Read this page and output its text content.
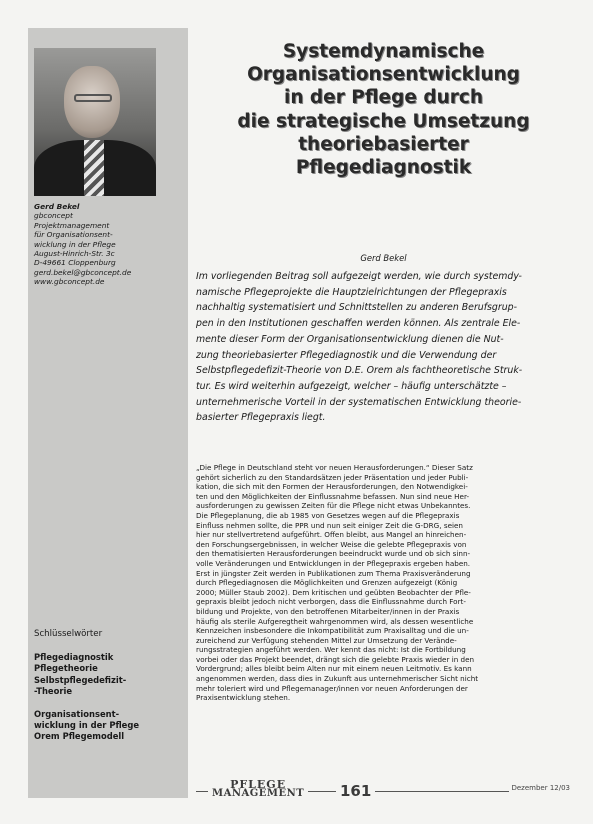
Gerd Bekel
gbconcept
Projektmanagement
für Organisationsent-
wicklung in der Pflege
August-Hinrich-Str. 3c
D-49661 Cloppenburg
gerd.bekel@gbconcept.de
www.gbconcept.de
Schlüsselwörter
Pflegediagnostik
Pflegetheorie
Selbstpflegedefizit-
-Theorie
Organisationsent-
wicklung in der Pflege
Orem Pflegemodell
Systemdynamische
Organisationsentwicklung
in der Pflege durch
die strategische Umsetzung
theoriebasierter
Pflegediagnostik
Gerd Bekel
Im vorliegenden Beitrag soll aufgezeigt werden, wie durch systemdy-
namische Pflegeprojekte die Hauptzielrichtungen der Pflegepraxis
nachhaltig systematisiert und Schnittstellen zu anderen Berufsgrup-
pen in den Institutionen geschaffen werden können. Als zentrale Ele-
mente dieser Form der Organisationsentwicklung dienen die Nut-
zung theoriebasierter Pflegediagnostik und die Verwendung der
Selbstpflegedefizit-Theorie von D.E. Orem als fachtheoretische Struk-
tur. Es wird weiterhin aufgezeigt, welcher – häufig unterschätzte –
unternehmerische Vorteil in der systematischen Entwicklung theorie-
basierter Pflegepraxis liegt.
„Die Pflege in Deutschland steht vor neuen Herausforderungen.“ Dieser Satz
gehört sicherlich zu den Standardsätzen jeder Präsentation und jeder Publi-
kation, die sich mit den Formen der Herausforderungen, den Notwendigkei-
ten und den Möglichkeiten der Einflussnahme befassen. Nun sind neue Her-
ausforderungen zu gewissen Zeiten für die Pflege nicht etwas Unbekanntes.
Die Pflegeplanung, die ab 1985 von Gesetzes wegen auf die Pflegepraxis
Einfluss nehmen sollte, die PPR und nun seit einiger Zeit die G-DRG, seien
hier nur stellvertretend aufgeführt. Offen bleibt, aus Mangel an hinreichen-
den Forschungsergebnissen, in welcher Weise die gelebte Pflegepraxis von
den thematisierten Herausforderungen beeindruckt wurde und ob sich sinn-
volle Veränderungen und Entwicklungen in der Pflegepraxis ergeben haben.
Erst in jüngster Zeit werden in Publikationen zum Thema Praxisveränderung
durch Pflegediagnosen die Möglichkeiten und Grenzen aufgezeigt (König
2000; Müller Staub 2002). Dem kritischen und geübten Beobachter der Pfle-
gepraxis bleibt jedoch nicht verborgen, dass die Einflussnahme durch Fort-
bildung und Projekte, von den betroffenen Mitarbeiter/innen in der Praxis
häufig als sterile Aufgeregtheit wahrgenommen wird, als dessen wesentliche
Kennzeichen insbesondere die Inkompatibilität zum Praxisalltag und die un-
zureichend zur Verfügung stehenden Mittel zur Umsetzung der Verände-
rungsstrategien angeführt werden. Wer kennt das nicht: Ist die Fortbildung
vorbei oder das Projekt beendet, drängt sich die gelebte Praxis wieder in den
Vordergrund; alles bleibt beim Alten nur mit einem neuen Leitmotiv. Es kann
angenommen werden, dass dies in Zukunft aus unternehmerischer Sicht nicht
mehr toleriert wird und Pflegemanager/innen vor neuen Anforderungen der
Praxisentwicklung stehen.
PFLEGE
MANAGEMENT 161	Dezember 12/03
